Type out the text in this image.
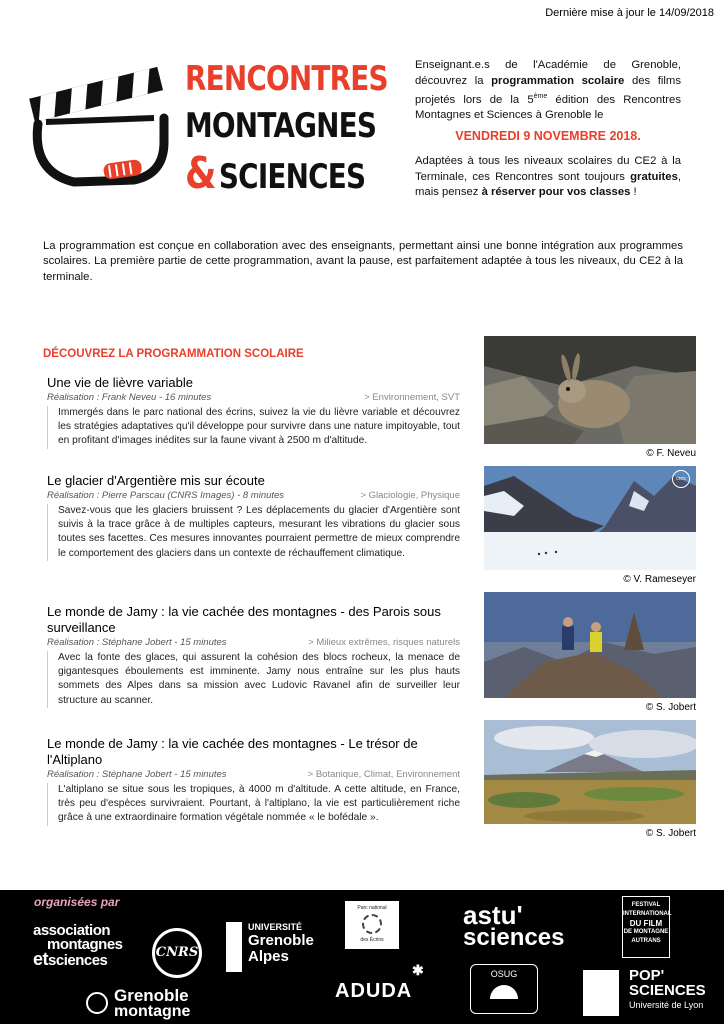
Dernière mise à jour le 14/09/2018
RENCONTRES
MONTAGNES
&SCIENCES
Enseignant.e.s de l'Académie de Grenoble, découvrez la programmation scolaire des films projetés lors de la 5ème édition des Rencontres Montagnes et Sciences à Grenoble le
VENDREDI 9 NOVEMBRE 2018.
Adaptées à tous les niveaux scolaires du CE2 à la Terminale, ces Rencontres sont toujours gratuites, mais pensez à réserver pour vos classes !
La programmation est conçue en collaboration avec des enseignants, permettant ainsi une bonne intégration aux programmes scolaires. La première partie de cette programmation, avant la pause, est parfaitement adaptée à tous les niveaux, du CE2 à la terminale.
DÉCOUVREZ LA PROGRAMMATION SCOLAIRE
Une vie de lièvre variable
Réalisation : Frank Neveu - 16 minutes	> Environnement, SVT
Immergés dans le parc national des écrins, suivez la vie du lièvre variable et découvrez les stratégies adaptatives qu'il développe pour survivre dans une nature impitoyable, tout en profitant d'images inédites sur la faune vivant à 2500 m d'altitude.
© F. Neveu
Le glacier d'Argentière mis sur écoute
Réalisation : Pierre Parscau (CNRS Images) - 8 minutes	> Glaciologie, Physique
Savez-vous que les glaciers bruissent ? Les déplacements du glacier d'Argentière sont suivis à la trace grâce à de multiples capteurs, mesurant les vibrations du glacier sous toutes ses facettes. Ces mesures innovantes pourraient permettre de mieux comprendre le comportement des glaciers dans un contexte de réchauffement climatique.
cnrs
© V. Rameseyer
Le monde de Jamy : la vie cachée des montagnes - des Parois sous surveillance
Réalisation : Stéphane Jobert - 15 minutes	> Milieux extrêmes, risques naturels
Avec la fonte des glaces, qui assurent la cohésion des blocs rocheux, la menace de gigantesques éboulements est imminente. Jamy nous entraîne sur les plus hauts sommets des Alpes dans sa mission avec Ludovic Ravanel afin de surveiller leur structure au scanner.
© S. Jobert
Le monde de Jamy : la vie cachée des montagnes - Le trésor de l'Altiplano
Réalisation : Stéphane Jobert - 15 minutes	> Botanique, Climat, Environnement
L'altiplano se situe sous les tropiques, à 4000 m d'altitude. A cette altitude, en France, très peu d'espèces survivraient. Pourtant, à l'altiplano, la vie est particulièrement riche grâce à une extraordinaire formation végétale nommée « le bofédale ».
© S. Jobert
organisées par
association
montagnes
etsciences	CNRS
UNIVERSITÉ
Grenoble
Alpes
Grenoble
montagne
Parc national
des Écrins
ADUDA
✱
astu'
sciences
OSUG
FESTIVAL
INTERNATIONAL
DU FILM
DE MONTAGNE
AUTRANS
POP'
SCIENCES
Université de Lyon
